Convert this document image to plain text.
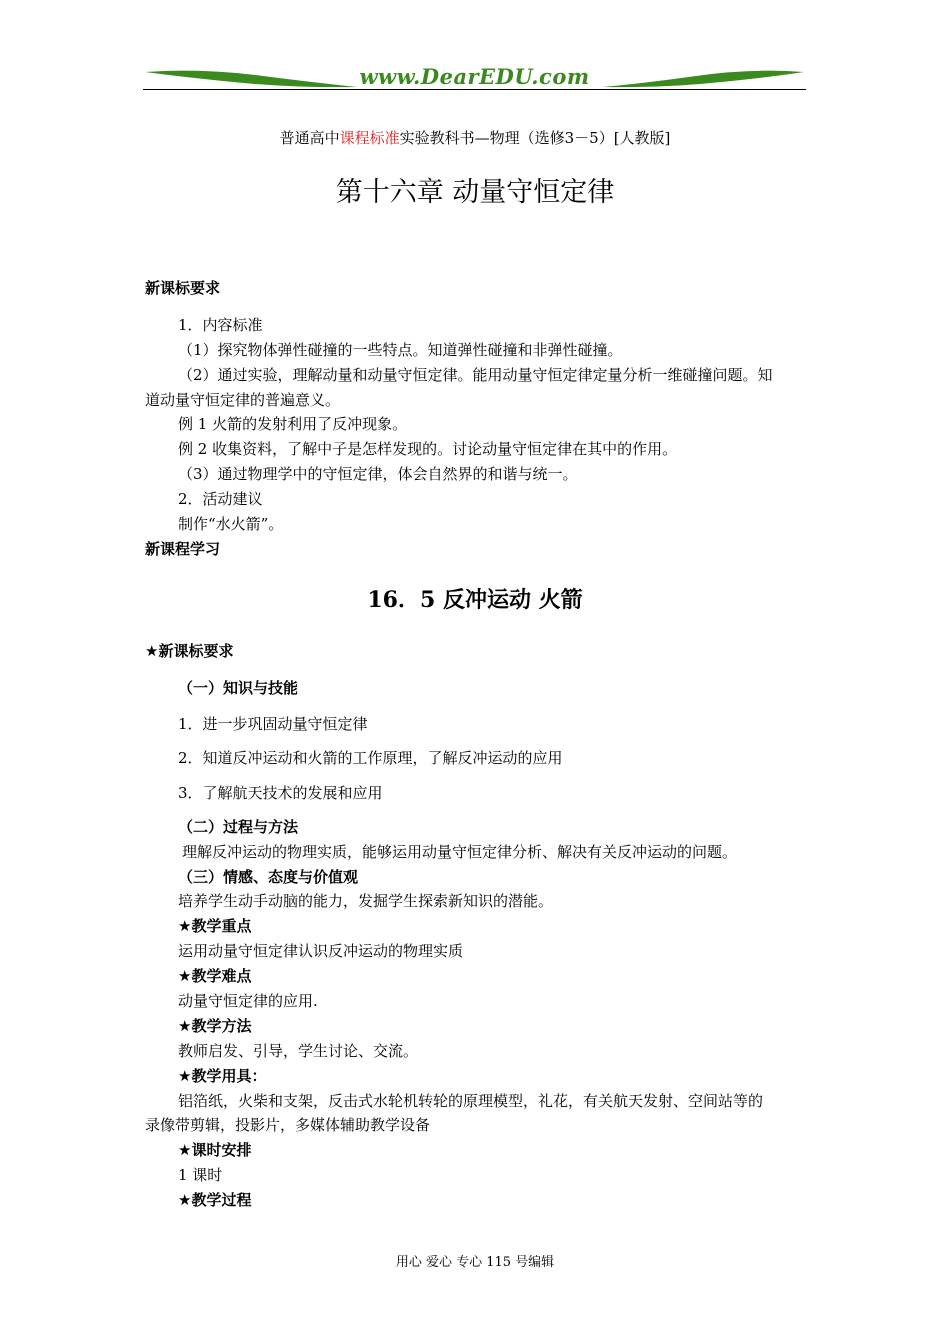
www.DearEDU.com
普通高中课程标准实验教科书—物理（选修3－5）[人教版]
第十六章 动量守恒定律
新课标要求
1．内容标准
（1）探究物体弹性碰撞的一些特点。知道弹性碰撞和非弹性碰撞。
（2）通过实验，理解动量和动量守恒定律。能用动量守恒定律定量分析一维碰撞问题。知
道动量守恒定律的普遍意义。
例 1 火箭的发射利用了反冲现象。
例 2 收集资料，了解中子是怎样发现的。讨论动量守恒定律在其中的作用。
（3）通过物理学中的守恒定律，体会自然界的和谐与统一。
2．活动建议
制作“水火箭”。
新课程学习
16．5 反冲运动 火箭
★新课标要求
（一）知识与技能
1．进一步巩固动量守恒定律
2．知道反冲运动和火箭的工作原理，了解反冲运动的应用
3．了解航天技术的发展和应用
（二）过程与方法
理解反冲运动的物理实质，能够运用动量守恒定律分析、解决有关反冲运动的问题。
（三）情感、态度与价值观
培养学生动手动脑的能力，发掘学生探索新知识的潜能。
★教学重点
运用动量守恒定律认识反冲运动的物理实质
★教学难点
动量守恒定律的应用.
★教学方法
教师启发、引导，学生讨论、交流。
★教学用具：
铝箔纸，火柴和支架，反击式水轮机转轮的原理模型，礼花，有关航天发射、空间站等的
录像带剪辑，投影片，多媒体辅助教学设备
★课时安排
1 课时
★教学过程
用心 爱心 专心 115 号编辑
